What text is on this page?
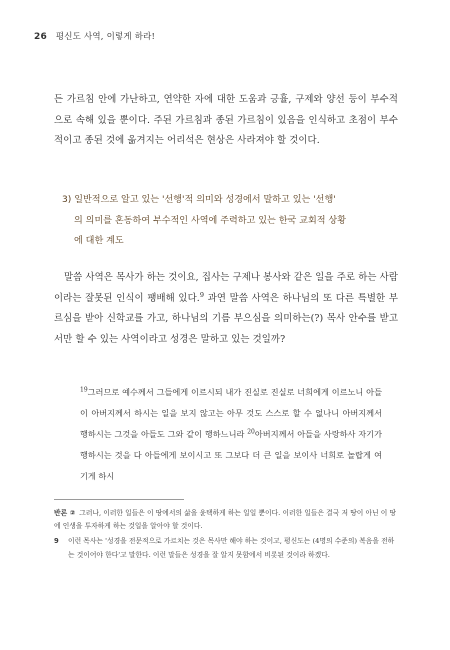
26 평신도 사역, 이렇게 하라!

든 가르침 안에 가난하고, 연약한 자에 대한 도움과 긍휼, 구제와 양선 등이 부수적으로 속해 있을 뿐이다. 주된 가르침과 종된 가르침이 있음을 인식하고 초점이 부수적이고 종된 것에 옮겨지는 어리석은 현상은 사라져야 할 것이다.

3) 일반적으로 알고 있는 '선행'적 의미와 성경에서 말하고 있는 '선행'
의 의미를 혼동하여 부수적인 사역에 주력하고 있는 한국 교회적 상황
에 대한 계도

말씀 사역은 목사가 하는 것이요, 집사는 구제나 봉사와 같은 일을 주로 하는 사람이라는 잘못된 인식이 팽배해 있다.$^9$ 과연 말씀 사역은 하나님의 또 다른 특별한 부르심을 받아 신학교를 가고, 하나님의 기름 부으심을 의미하는(?) 목사 안수를 받고서만 할 수 있는 사역이라고 성경은 말하고 있는 것일까?

$^{19}$그러므로 예수께서 그들에게 이르시되 내가 진실로 진실로 너희에게 이르노니 아들이 아버지께서 하시는 일을 보지 않고는 아무 것도 스스로 할 수 없나니 아버지께서 행하시는 그것을 아들도 그와 같이 행하느니라 $^{20}$아버지께서 아들을 사랑하사 자기가 행하시는 것을 다 아들에게 보이시고 또 그보다 더 큰 일을 보이사 너희로 놀랍게 여기게 하시

반론 ② 그러나, 이러한 일들은 이 땅에서의 삶을 윤택하게 하는 일일 뿐이다. 이러한 일들은 결국 저 땅이 아닌 이 땅에 인생을 투자하게 하는 것일을 알아야 할 것이다.
9 이런 목사는 '성경을 전문적으로 가르치는 것은 목사만 해야 하는 것이고, 평신도는 (4명의 수준의) 복음을 전하는 것이어야 한다'고 말한다. 이런 말들은 성경을 잘 알지 못함에서 비롯된 것이라 하겠다.
